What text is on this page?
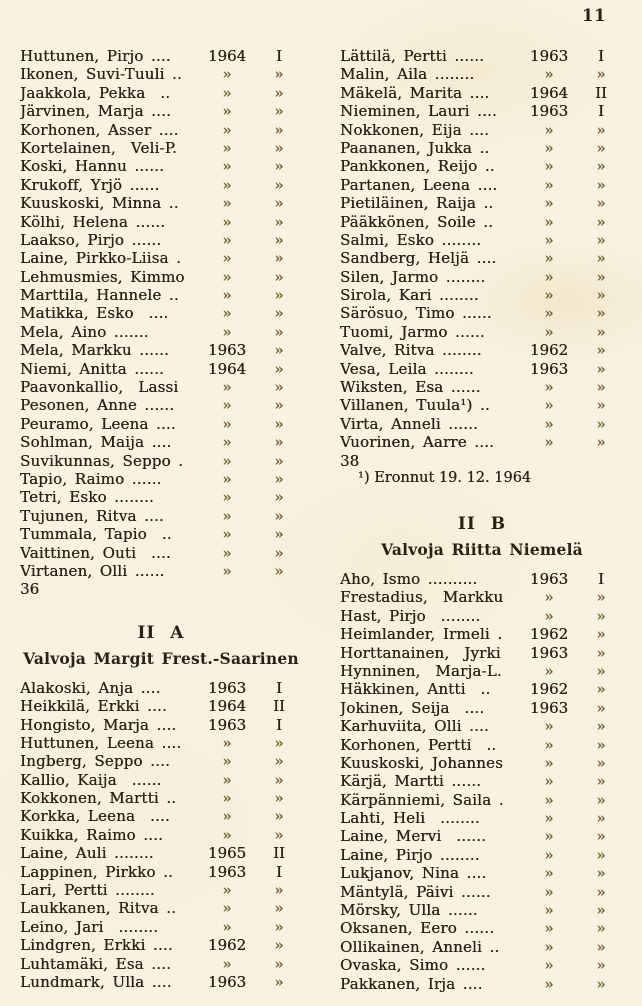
11
Huttunen, Pirjo ....	1964	I
Ikonen, Suvi-Tuuli ..	»	»
Jaakkola, Pekka  ..	»	»
Järvinen, Marja ....	»	»
Korhonen, Asser ....	»	»
Kortelainen,  Veli-P.	»	»
Koski, Hannu ......	»	»
Krukoff, Yrjö ......	»	»
Kuuskoski, Minna ..	»	»
Kölhi, Helena ......	»	»
Laakso, Pirjo ......	»	»
Laine, Pirkko-Liisa .	»	»
Lehmusmies, Kimmo	»	»
Marttila, Hannele ..	»	»
Matikka, Esko  ....	»	»
Mela, Aino .......	»	»
Mela, Markku ......	1963	»
Niemi, Anitta ......	1964	»
Paavonkallio,  Lassi	»	»
Pesonen, Anne ......	»	»
Peuramo, Leena ....	»	»
Sohlman, Maija ....	»	»
Suvikunnas, Seppo .	»	»
Tapio, Raimo ......	»	»
Tetri, Esko ........	»	»
Tujunen, Ritva ....	»	»
Tummala, Tapio  ..	»	»
Vaittinen, Outi  ....	»	»
Virtanen, Olli ......	»	»
36
II A
Valvoja Margit Frest.-Saarinen
Alakoski, Anja ....	1963	I
Heikkilä, Erkki ....	1964	II
Hongisto, Marja ....	1963	I
Huttunen, Leena ....	»	»
Ingberg, Seppo ....	»	»
Kallio, Kaija  ......	»	»
Kokkonen, Martti ..	»	»
Korkka, Leena  ....	»	»
Kuikka, Raimo ....	»	»
Laine, Auli ........	1965	II
Lappinen, Pirkko ..	1963	I
Lari, Pertti ........	»	»
Laukkanen, Ritva ..	»	»
Leino, Jari  ........	»	»
Lindgren, Erkki ....	1962	»
Luhtamäki, Esa ....	»	»
Lundmark, Ulla ....	1963	»
Lättilä, Pertti ......	1963	I
Malin, Aila ........	»	»
Mäkelä, Marita ....	1964	II
Nieminen, Lauri ....	1963	I
Nokkonen, Eija ....	»	»
Paananen, Jukka ..	»	»
Pankkonen, Reijo ..	»	»
Partanen, Leena ....	»	»
Pietiläinen, Raija ..	»	»
Pääkkönen, Soile ..	»	»
Salmi, Esko ........	»	»
Sandberg, Heljä ....	»	»
Silen, Jarmo ........	»	»
Sirola, Kari ........	»	»
Särösuo, Timo ......	»	»
Tuomi, Jarmo ......	»	»
Valve, Ritva ........	1962	»
Vesa, Leila ........	1963	»
Wiksten, Esa ......	»	»
Villanen, Tuula¹) ..	»	»
Virta, Anneli ......	»	»
Vuorinen, Aarre ....	»	»
38
¹) Eronnut 19. 12. 1964
II B
Valvoja Riitta Niemelä
Aho, Ismo ..........	1963	I
Frestadius,  Markku	»	»
Hast, Pirjo  ........	»	»
Heimlander, Irmeli .	1962	»
Horttanainen,  Jyrki	1963	»
Hynninen,  Marja-L.	»	»
Häkkinen, Antti  ..	1962	»
Jokinen, Seija  ....	1963	»
Karhuviita, Olli ....	»	»
Korhonen, Pertti  ..	»	»
Kuuskoski, Johannes	»	»
Kärjä, Martti ......	»	»
Kärpänniemi, Saila .	»	»
Lahti, Heli  ........	»	»
Laine, Mervi  ......	»	»
Laine, Pirjo ........	»	»
Lukjanov, Nina ....	»	»
Mäntylä, Päivi ......	»	»
Mörsky, Ulla ......	»	»
Oksanen, Eero ......	»	»
Ollikainen, Anneli ..	»	»
Ovaska, Simo ......	»	»
Pakkanen, Irja ....	»	»
